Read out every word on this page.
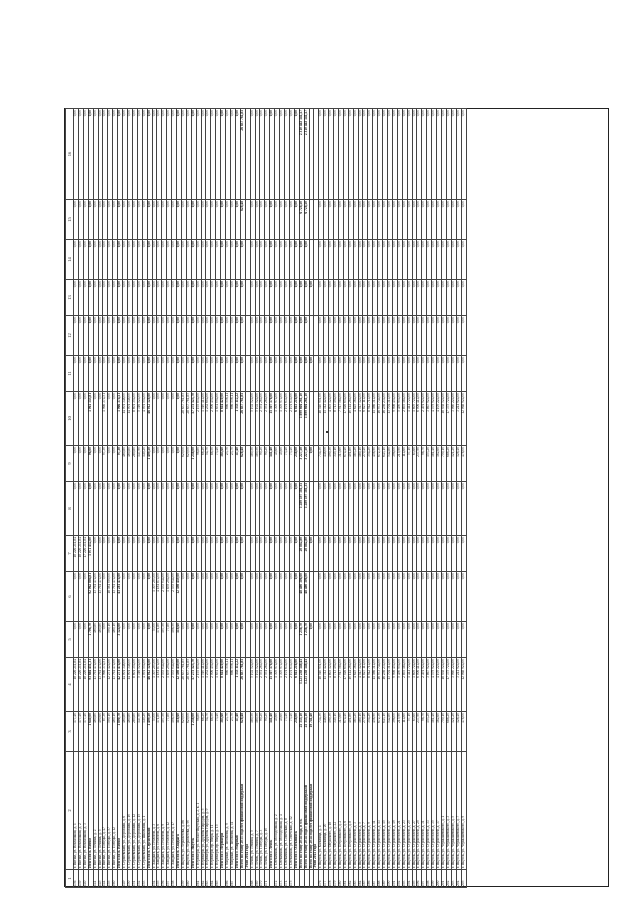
1	2	3	4	5	6	7	8	9	10	11	12	13	14	15	16
136	г. Витим, ул. Вокзальная, д. 1	177,40	18 226 211,84	0,00	0,00	18 226 211,84	0,00	0,00	0,00	0,00	0,00	0,00	0,00	0,00	0,00
139	г. Витим, ул. Вокзальная, д. 2	177,40	18 226 211,84	0,00	0,00	18 226 211,84	0,00	0,00	0,00	0,00	0,00	0,00	0,00	0,00	0,00
140	г. Витим, ул. Вокзальная, д. 3	177,40	18 226 211,84	0,00	0,00	17 226 211,84	0,00	0,00	0,00	0,00	0,00	0,00	0,00	0,00	0,00
	Итого по п. Витим	1 640,00	93 684 451,31	1 796,70	92 062 804,81	1 071 432,00	0,00	96,00	1 061 153,81	0,00	0,00	0,00	0,00	0,00	0,00
141	г. Витим, ул. Ленина, д. 2	460,80	13 761 474,00	460,80	13 761 474,00	0,00	0,00	0,00	0,00	0,00	0,00	0,00	0,00	0,00	0,00
145	г. Витим, ул. Ленина, д. 5	400,60	13 761 474,00	460,80	13 761 474,00	0,00	0,00	0,00	0,00	0,00	0,00	0,00	0,00	0,00	0,00
144	г. Витим, ул. Победы, д. 47	87,30	1 966 374,51	0,00	0,00	0,00	0,00	97,30	1 966 374,51	0,00	0,00	0,00	0,00	0,00	0,00
155	г. Витим, ул. Победы, д. 57	500,10	12 271 424,00	500,10	18 581 000,00	0,00	0,00	0,00	0,00	0,00	0,00	0,00	0,00	0,00	0,00
160	г. Витим, ул. Победы, д. 12	460,10	13 761 474,00	460,10	13 761 474,00	0,00	0,00	0,00	0,00	0,00	0,00	0,00	0,00	0,00	0,00
	Итого по п. Витим	1 890,70	42 271 474,00	3 124,00	43 281 474,00	0,00	0,00	97,30	1 966 374,51	0,00	0,00	0,00	0,00	0,00	0,00
149	г. Сергиевский, ул. Дорожная, д. 6	460,80	14 001 348,00	0,00	0,00	0,00	0,00	460,80	14 001 348,00	0,00	0,00	0,00	0,00	0,00	0,00
150	г. Сергиевский, ул. Дорожная, д. 10	460,80	14 001 348,00	0,00	0,00	0,00	0,00	460,80	14 001 348,00	0,00	0,00	0,00	0,00	0,00	0,00
151	г. Сергиевский, ул. Дорожная, д. 12	289,80	8 601 354,00	0,00	0,00	0,00	0,00	289,80	8 601 354,00	0,00	0,00	0,00	0,00	0,00	0,00
152	г. Сергиевский, ул. Дорожная, д. 15	147,90	5 316 524,00	0,00	0,00	0,00	0,00	147,90	5 316 524,00	0,00	0,00	0,00	0,00	0,00	0,00
153	г. Сергиевский, ул. Школьная, д. 1	140,20	4 091 554,00	0,00	0,00	0,00	0,00	140,20	4 091 554,00	0,00	0,00	0,00	0,00	0,00	0,00
	Итого по п. Сергиевский	1 499,50	46 012 128,00	0,00	0,00	0,00	0,00	1 499,50	46 012 128,00	0,00	0,00	0,00	0,00	0,00	0,00
154	г. Хандыга, ул. Геологов, д. 3	53,00	1 307 203,00	53,00	1 307 203,00	0,00	0,00	0,00	0,00	0,00	0,00	0,00	0,00	0,00	0,00
155	г. Хандыга, ул. Геологов, д. 6	171,80	4 181 874,00	171,80	4 181 874,00	0,00	0,00	0,00	0,00	0,00	0,00	0,00	0,00	0,00	0,00
156	г. Хандыга, ул. Геологов, д. 9	107,50	2 535 044,00	107,50	2 535 044,00	0,00	0,00	0,00	0,00	0,00	0,00	0,00	0,00	0,00	0,00
157	г. Хандыга, ул. Геологов, д. 12	77,80	1 839 294,00	77,80	1 839 294,00	0,00	0,00	0,00	0,00	0,00	0,00	0,00	0,00	0,00	0,00
158	г. Хандыга, ул. Геологов, д. 17	108,50	2 535 044,00	108,50	2 535 044,00	0,00	0,00	0,00	0,00	0,00	0,00	0,00	0,00	0,00	0,00
	Итого по п. Хандыга	518,60	12 398 459,00	518,60	12 398 459,00	0,00	0,00	0,00	0,00	0,00	0,00	0,00	0,00	0,00	0,00
159	г. Якутск, ул. Лермонтова, д. 86	629,00	28 637 761,85	0,00	0,00	0,00	0,00	629,00	28 637 761,85	0,00	0,00	0,00	0,00	0,00	0,00
160	г. Якутск, ул. Лермонтова, д. 90	629,00	28 637 761,85	0,00	0,00	0,00	0,00	629,00	28 637 761,85	0,00	0,00	0,00	0,00	0,00	0,00
	Итого по г. Якутск	1 258,00	57 275 523,70	0,00	0,00	0,00	0,00	1 258,00	57 275 523,70	0,00	0,00	0,00	0,00	0,00	0,00
161	г. Нерюнгри, ул. Южно-Якутская, д. 2, к. 1	98,80	2 193 854,00	0,00	0,00	0,00	0,00	98,80	2 193 854,00	0,00	0,00	0,00	0,00	0,00	0,00
162	г. Нерюнгри, ул. Дружбы Народов, д. 5	68,20	1 510 414,00	0,00	0,00	0,00	0,00	68,20	1 510 414,00	0,00	0,00	0,00	0,00	0,00	0,00
163	г. Нерюнгри, ул. Дружбы Народов, д. 9	54,70	1 252 604,00	0,00	0,00	0,00	0,00	54,70	1 252 604,00	0,00	0,00	0,00	0,00	0,00	0,00
164	г. Нерюнгри, пр. Мира, д. 11	88,50	2 006 454,00	0,00	0,00	0,00	0,00	88,50	2 006 454,00	0,00	0,00	0,00	0,00	0,00	0,00
165	г. Нерюнгри, пр. Мира, д. 15	73,40	1 651 094,00	0,00	0,00	0,00	0,00	73,40	1 651 094,00	0,00	0,00	0,00	0,00	0,00	0,00
	Итого по г. Нерюнгри	383,60	8 614 420,00	0,00	0,00	0,00	0,00	383,60	8 614 420,00	0,00	0,00	0,00	0,00	0,00	0,00
166	г. Мирный, ул. Тихонова, д. 9	23,70	666 556,11	0,00	0,00	0,00	0,00	23,70	666 556,11	0,00	0,00	0,00	0,00	0,00	0,00
167	г. Мирный, ул. Тихонова, д. 11	23,70	666 556,11	0,00	0,00	0,00	0,00	23,70	666 556,11	0,00	0,00	0,00	0,00	0,00	0,00
	Итого по г. Мирный	47,40	1 333 112,22	0,00	0,00	0,00	0,00	47,40	1 333 112,22	0,00	0,00	0,00	0,00	0,00	0,00
	Всего по этапу 2013 года без финансовой поддержки	628,48	26 837 761,85	0,00	0,00	0,00	0,00	628,48	26 837 761,85	0,00	0,00	0,00	0,00	628,48	26 837 761,85
	Этап 2014 года														
168	г. Ленск, ул. Ленина, д. 5	180,50	5 102 524,00	0,00	0,00	0,00	0,00	180,50	5 102 524,00	0,00	0,00	0,00	0,00	0,00	0,00
169	г. Ленск, ул. Ленина, д. 7	180,50	5 102 524,00	0,00	0,00	0,00	0,00	180,50	5 102 524,00	0,00	0,00	0,00	0,00	0,00	0,00
170	г. Ленск, ул. Победы, д. 3	90,20	2 551 264,00	0,00	0,00	0,00	0,00	90,20	2 551 264,00	0,00	0,00	0,00	0,00	0,00	0,00
171	г. Ленск, ул. Победы, д. 10	90,20	2 551 264,00	0,00	0,00	0,00	0,00	90,20	2 551 264,00	0,00	0,00	0,00	0,00	0,00	0,00
	Итого по г. Ленск	541,40	15 307 576,00	0,00	0,00	0,00	0,00	541,40	15 307 576,00	0,00	0,00	0,00	0,00	0,00	0,00
172	г. Олекминск, ул. Молодежная, д. 2	45,60	1 305 974,00	0,00	0,00	0,00	0,00	45,60	1 305 974,00	0,00	0,00	0,00	0,00	0,00	0,00
173	г. Олекминск, ул. Молодежная, д. 4	45,60	1 305 974,00	0,00	0,00	0,00	0,00	45,60	1 305 974,00	0,00	0,00	0,00	0,00	0,00	0,00
174	г. Олекминск, ул. Советская, д. 8	73,40	2 101 634,00	0,00	0,00	0,00	0,00	73,40	2 101 634,00	0,00	0,00	0,00	0,00	0,00	0,00
175	г. Олекминск, ул. Советская, д. 12	73,40	2 101 634,00	0,00	0,00	0,00	0,00	73,40	2 101 634,00	0,00	0,00	0,00	0,00	0,00	0,00
	Итого по г. Олекминск	238,00	6 815 216,00	0,00	0,00	0,00	0,00	238,00	6 815 216,00	0,00	0,00	0,00	0,00	0,00	0,00
	Всего по этапу 2014 года, в т.ч.	25 335,10	3 221 238 148,45	1 236,70	48 480 306,00	20 882,80	1 289 197 181,35	3 227,50	1 899 604 261,10	0,00	0,00	0,00	0,00	6 728,50	2 310 443 141,57
	Всего по этапу 2014 года с финансовой поддержкой	25 335,10	3 221 238 148,45	1 236,70	48 480 306,00	20 882,80	1 289 197 181,35	3 227,50	1 899 604 261,10	0,00	0,00	0,00	0,00	6 728,50	2 310 443 141,57
	Всего по этапу 2014 года без финансовой поддержки	19 741,40		0,00		0,00		0,00		0,00		0,00			
	Этап 2015 года														
176	г. Якутск, ул. Кальвица, д. 4	734,30	18 540 951,00	0,00	0,00	0,00	0,00	734,30	18 540 951,00	0,00	0,00	0,00	0,00	0,00	0,00
177	г. Якутск, ул. Кальвица, д. 20	448,00	11 312 424,00	0,00	0,00	0,00	0,00	448,00	11 312 424,00	0,00	0,00	0,00	0,00	0,00	0,00
178	г. Якутск, ул. Ойунского, д. 18	190,30	4 803 124,00	0,00	0,00	0,00	0,00	190,30	4 803 124,00	0,00	0,00	0,00	0,00	0,00	0,00
179	г. Якутск, ул. Ойунского, д. 22	345,10	8 713 194,00	0,00	0,00	0,00	0,00	345,10	8 713 194,00	0,00	0,00	0,00	0,00	0,00	0,00
180	г. Якутск, ул. Петровского, д. 2	313,60	7 917 584,00	0,00	0,00	0,00	0,00	313,60	7 917 584,00	0,00	0,00	0,00	0,00	0,00	0,00
181	г. Якутск, ул. Петровского, д. 6	674,40	17 026 654,00	0,00	0,00	0,00	0,00	674,40	17 026 654,00	0,00	0,00	0,00	0,00	0,00	0,00
182	г. Якутск, ул. Петровского, д. 8	401,80	10 144 264,00	0,00	0,00	0,00	0,00	401,80	10 144 264,00	0,00	0,00	0,00	0,00	0,00	0,00
183	г. Якутск, ул. Строителей, д. 3	183,20	4 625 364,00	0,00	0,00	0,00	0,00	183,20	4 625 364,00	0,00	0,00	0,00	0,00	0,00	0,00
184	г. Якутск, ул. Строителей, д. 5	180,10	4 547 124,00	0,00	0,00	0,00	0,00	180,10	4 547 124,00	0,00	0,00	0,00	0,00	0,00	0,00
185	г. Якутск, ул. Строителей, д. 7	270,40	6 827 114,00	0,00	0,00	0,00	0,00	270,40	6 827 114,00	0,00	0,00	0,00	0,00	0,00	0,00
186	г. Якутск, ул. Строителей, д. 9	354,20	8 942 714,00	0,00	0,00	0,00	0,00	354,20	8 942 714,00	0,00	0,00	0,00	0,00	0,00	0,00
187	г. Якутск, ул. Строителей, д. 11	458,90	11 586 314,00	0,00	0,00	0,00	0,00	458,90	11 586 314,00	0,00	0,00	0,00	0,00	0,00	0,00
188	г. Якутск, ул. Строителей, д. 13	672,30	16 973 744,00	0,00	0,00	0,00	0,00	672,30	16 973 744,00	0,00	0,00	0,00	0,00	0,00	0,00
189	г. Якутск, ул. Строителей, д. 15	643,10	16 236 234,00	0,00	0,00	0,00	0,00	643,10	16 236 234,00	0,00	0,00	0,00	0,00	0,00	0,00
190	г. Якутск, ул. Строителей, д. 17	542,80	13 704 314,00	0,00	0,00	0,00	0,00	542,80	13 704 314,00	0,00	0,00	0,00	0,00	0,00	0,00
191	г. Якутск, ул. Строителей, д. 19	396,00	9 998 454,00	0,00	0,00	0,00	0,00	396,00	9 998 454,00	0,00	0,00	0,00	0,00	0,00	0,00
192	г. Якутск, ул. Строителей, д. 21	215,90	5 450 954,00	0,00	0,00	0,00	0,00	215,90	5 450 954,00	0,00	0,00	0,00	0,00	0,00	0,00
193	г. Якутск, ул. Строителей, д. 23	114,60	2 893 184,00	0,00	0,00	0,00	0,00	114,60	2 893 184,00	0,00	0,00	0,00	0,00	0,00	0,00
194	г. Якутск, ул. Строителей, д. 25	57,10	1 441 724,00	0,00	0,00	0,00	0,00	57,10	1 441 724,00	0,00	0,00	0,00	0,00	0,00	0,00
195	г. Якутск, ул. Строителей, д. 27	63,60	1 605 724,00	0,00	0,00	0,00	0,00	63,60	1 605 724,00	0,00	0,00	0,00	0,00	0,00	0,00
196	г. Якутск, ул. Строителей, д. 29	237,90	6 006 414,00	0,00	0,00	0,00	0,00	237,90	6 006 414,00	0,00	0,00	0,00	0,00	0,00	0,00
197	г. Якутск, ул. Строителей, д. 31	98,70	2 491 924,00	0,00	0,00	0,00	0,00	98,70	2 491 924,00	0,00	0,00	0,00	0,00	0,00	0,00
198	г. Якутск, ул. Строителей, д. 33	153,20	3 867 924,00	0,00	0,00	0,00	0,00	153,20	3 867 924,00	0,00	0,00	0,00	0,00	0,00	0,00
199	г. Якутск, ул. Строителей, д. 35	181,40	4 579 924,00	0,00	0,00	0,00	0,00	181,40	4 579 924,00	0,00	0,00	0,00	0,00	0,00	0,00
200	г. Якутск, ул. Строителей, д. 37	162,60	4 105 224,00	0,00	0,00	0,00	0,00	162,60	4 105 224,00	0,00	0,00	0,00	0,00	0,00	0,00
201	г. Якутск, ул. Чернышевского, д. 1	750,10	18 938 524,00	0,00	0,00	0,00	0,00	750,10	18 938 524,00	0,00	0,00	0,00	0,00	0,00	0,00
202	г. Якутск, ул. Чернышевского, д. 3	688,20	17 375 724,00	0,00	0,00	0,00	0,00	688,20	17 375 724,00	0,00	0,00	0,00	0,00	0,00	0,00
203	г. Якутск, ул. Чернышевского, д. 5	121,20	3 060 224,00	0,00	0,00	0,00	0,00	121,20	3 060 224,00	0,00	0,00	0,00	0,00	0,00	0,00
204	г. Якутск, ул. Чернышевского, д. 7	128,40	3 241 924,00	0,00	0,00	0,00	0,00	128,40	3 241 924,00	0,00	0,00	0,00	0,00	0,00	0,00
205	г. Якутск, ул. Чернышевского, д. 9	478,00	12 068 924,00	0,00	0,00	0,00	0,00	478,00	12 068 924,00	0,00	0,00	0,00	0,00	0,00	0,00
